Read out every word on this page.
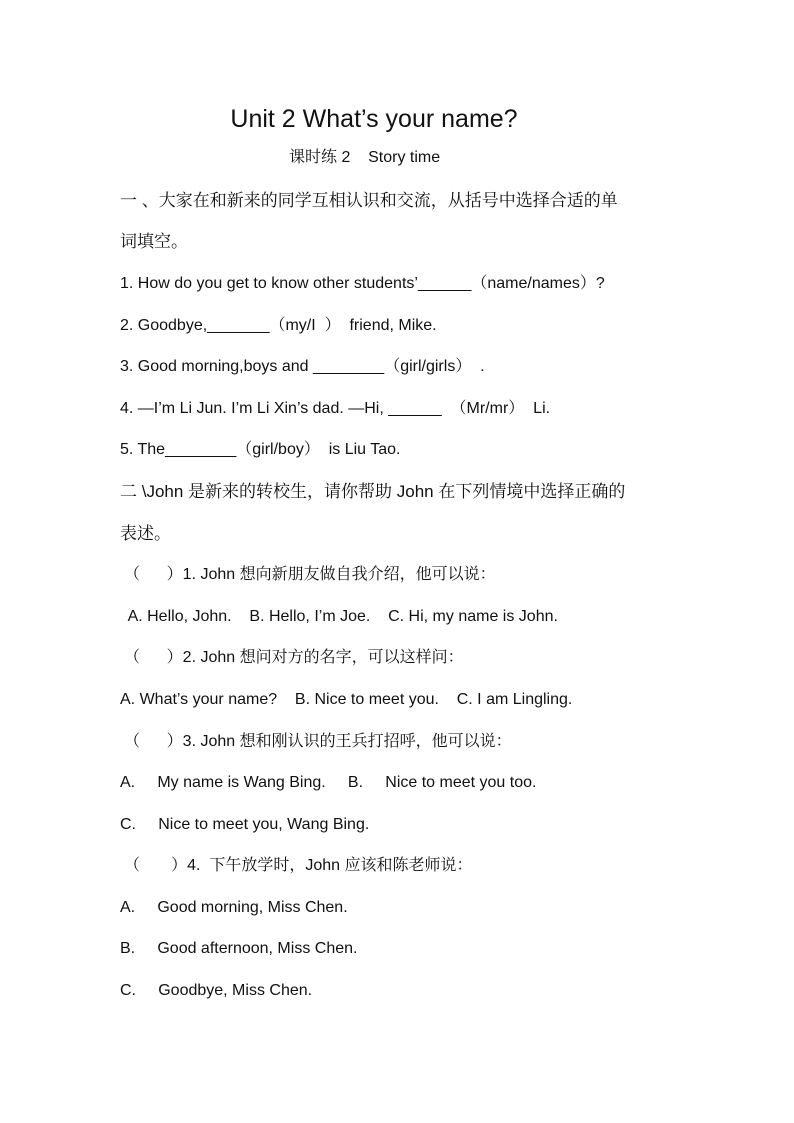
Unit 2 What’s your name?
课时练 2    Story time
一 、大家在和新来的同学互相认识和交流，从括号中选择合适的单
词填空。
1. How do you get to know other students’______（name/names）?
2. Goodbye,_______（my/I  ）  friend, Mike.
3. Good morning,boys and ________（girl/girls）  .
4. —I’m Li Jun. I’m Li Xin’s dad. —Hi, ______  （Mr/mr）  Li.
5. The________（girl/boy）  is Liu Tao.
二 \John 是新来的转校生，请你帮助 John 在下列情境中选择正确的
表述。
（      ）1. John 想向新朋友做自我介绍，他可以说：
A. Hello, John.    B. Hello, I’m Joe.    C. Hi, my name is John.
（      ）2. John 想问对方的名字，可以这样问：
A. What’s your name?    B. Nice to meet you.    C. I am Lingling.
（      ）3. John 想和刚认识的王兵打招呼，他可以说：
A.     My name is Wang Bing.     B.     Nice to meet you too.
C.     Nice to meet you, Wang Bing.
（       ）4.  下午放学时，John 应该和陈老师说：
A.     Good morning, Miss Chen.
B.     Good afternoon, Miss Chen.
C.     Goodbye, Miss Chen.
